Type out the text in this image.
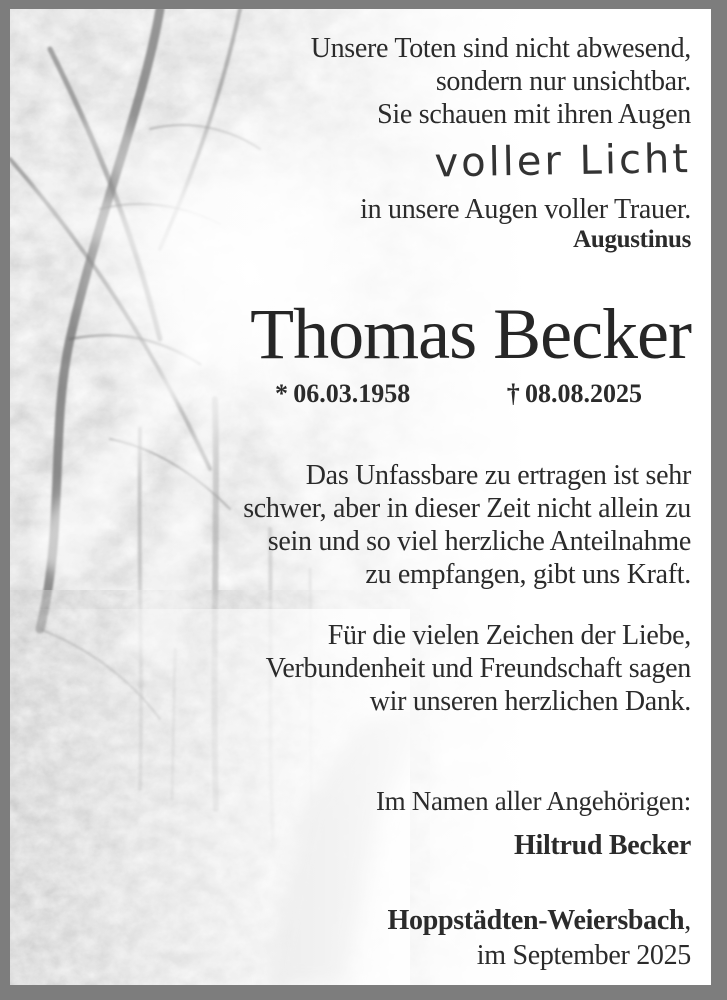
Unsere Toten sind nicht abwesend,
sondern nur unsichtbar.
Sie schauen mit ihren Augen
voller Licht
in unsere Augen voller Trauer.
Augustinus
Thomas Becker
*  06.03.1958	†  08.08.2025
Das Unfassbare zu ertragen ist sehr
schwer, aber in dieser Zeit nicht allein zu
sein und so viel herzliche Anteilnahme
zu empfangen, gibt uns Kraft.
Für die vielen Zeichen der Liebe,
Verbundenheit und Freundschaft sagen
wir unseren herzlichen Dank.
Im Namen aller Angehörigen:
Hiltrud Becker
Hoppstädten-Weiersbach,
im September 2025
